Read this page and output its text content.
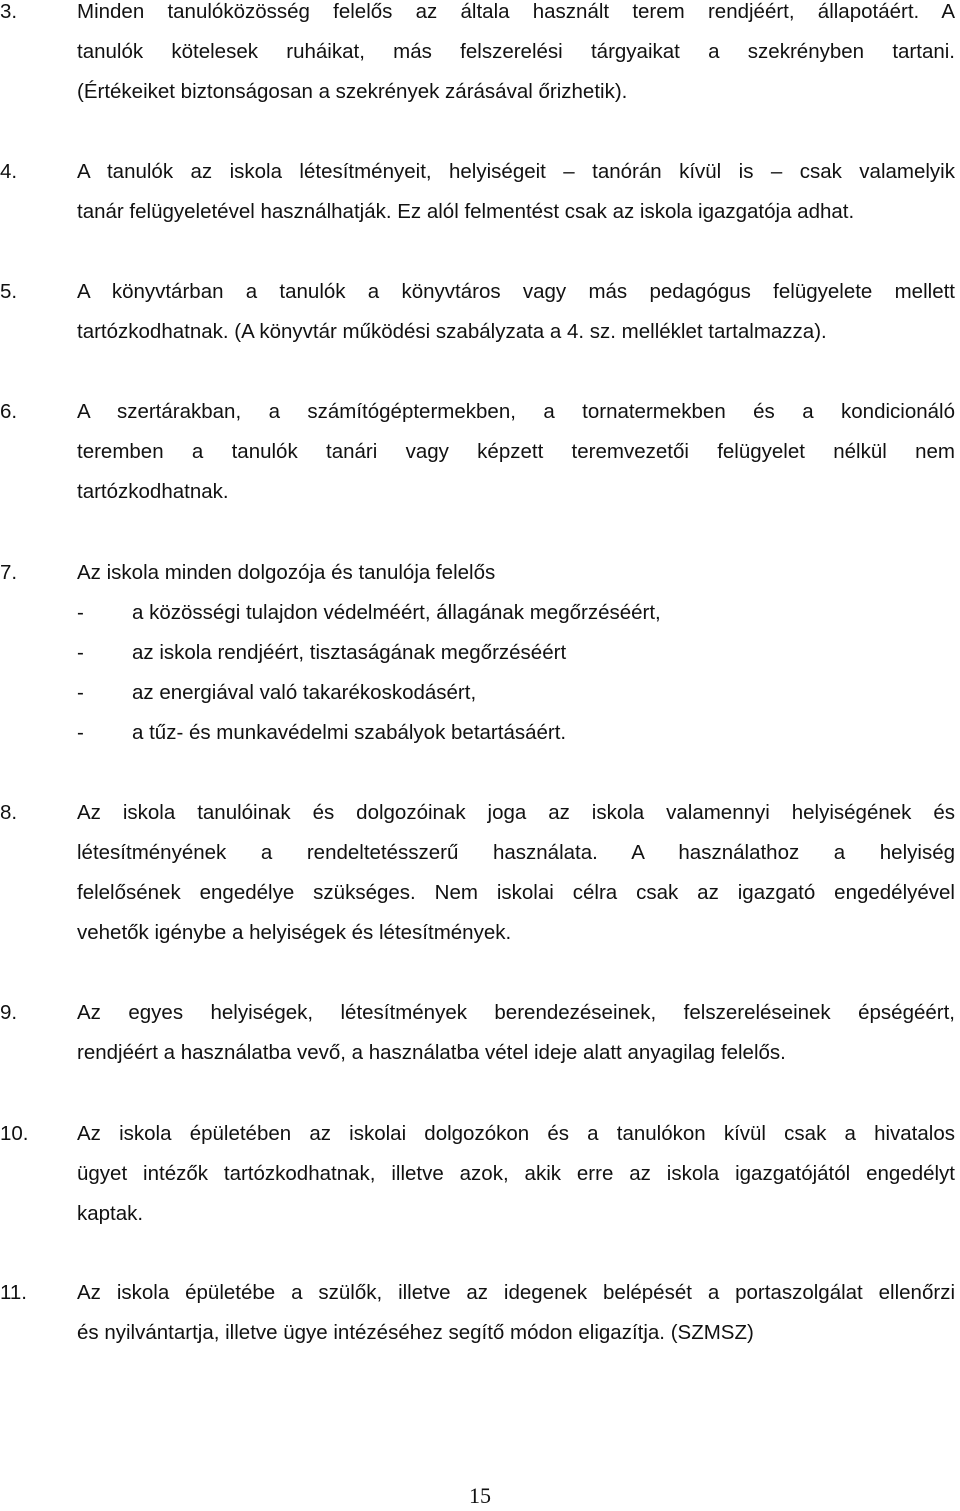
3.	Minden tanulóközösség felelős az általa használt terem rendjéért, állapotáért. A
tanulók kötelesek ruháikat, más felszerelési tárgyaikat a szekrényben tartani.
(Értékeiket biztonságosan a szekrények zárásával őrizhetik).
4.	A tanulók az iskola létesítményeit, helyiségeit – tanórán kívül is – csak valamelyik
tanár felügyeletével használhatják. Ez alól felmentést csak az iskola igazgatója adhat.
5.	A könyvtárban a tanulók a könyvtáros vagy más pedagógus felügyelete mellett
tartózkodhatnak. (A könyvtár működési szabályzata a 4. sz. melléklet tartalmazza).
6.	A szertárakban, a számítógéptermekben, a tornatermekben és a kondicionáló
teremben a tanulók tanári vagy képzett teremvezetői felügyelet nélkül nem
tartózkodhatnak.
7.	Az iskola minden dolgozója és tanulója felelős
- a közösségi tulajdon védelméért, állagának megőrzéséért,
- az iskola rendjéért, tisztaságának megőrzéséért
- az energiával való takarékoskodásért,
- a tűz- és munkavédelmi szabályok betartásáért.
8.	Az iskola tanulóinak és dolgozóinak joga az iskola valamennyi helyiségének és
létesítményének a rendeltetésszerű használata. A használathoz a helyiség
felelősének engedélye szükséges. Nem iskolai célra csak az igazgató engedélyével
vehetők igénybe a helyiségek és létesítmények.
9.	Az egyes helyiségek, létesítmények berendezéseinek, felszereléseinek épségéért,
rendjéért a használatba vevő, a használatba vétel ideje alatt anyagilag felelős.
10. Az iskola épületében az iskolai dolgozókon és a tanulókon kívül csak a hivatalos
ügyet intézők tartózkodhatnak, illetve azok, akik erre az iskola igazgatójától engedélyt
kaptak.
11. Az iskola épületébe a szülők, illetve az idegenek belépését a portaszolgálat ellenőrzi
és nyilvántartja, illetve ügye intézéséhez segítő módon eligazítja. (SZMSZ)
15
